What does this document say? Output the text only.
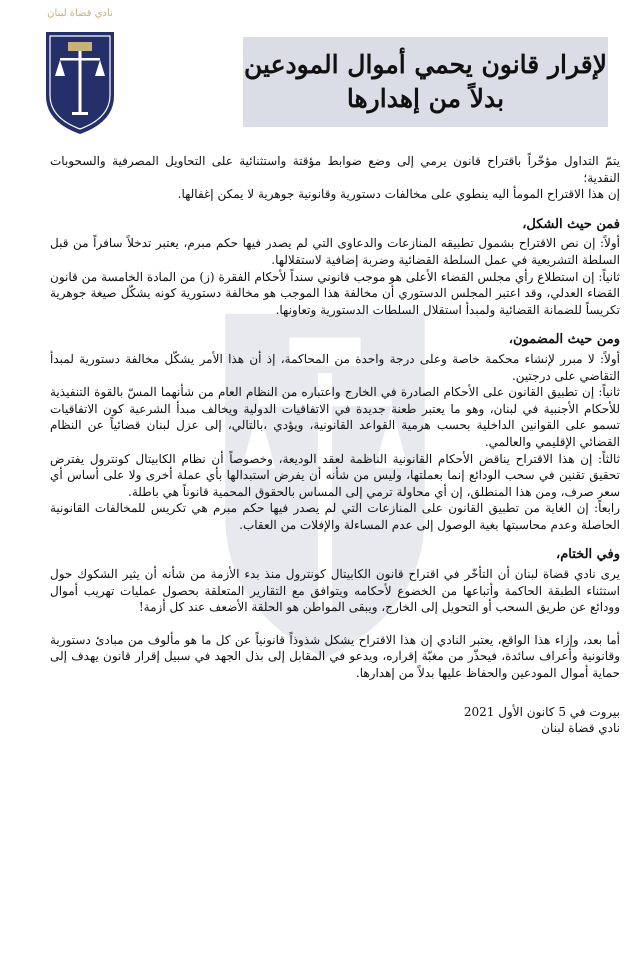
نادي قضاة لبنان
لإقرار قانون يحمي أموال المودعين
بدلاً من إهدارها

يتمّ التداول مؤخّراً باقتراح قانون يرمي إلى وضع ضوابط مؤقتة واستثنائية على التحاويل المصرفية والسحوبات النقدية؛

إن هذا الاقتراح المومأ اليه ينطوي على مخالفات دستورية وقانونية جوهرية لا يمكن إغفالها.

فمن حيث الشكل،

أولاً: إن نص الاقتراح بشمول تطبيقه المنازعات والدعاوى التي لم يصدر فيها حكم مبرم، يعتبر تدخلاً سافراً من قبل السلطة التشريعية في عمل السلطة القضائية وضربة إضافية لاستقلالها.

ثانياً: إن استطلاع رأي مجلس القضاء الأعلى هو موجب قانوني سنداً لأحكام الفقرة (ز) من المادة الخامسة من قانون القضاء العدلي، وقد اعتبر المجلس الدستوري أن مخالفة هذا الموجب هو مخالفة دستورية كونه يشكّل صيغة جوهرية تكريساً للضمانة القضائية ولمبدأ استقلال السلطات الدستورية وتعاونها.

ومن حيث المضمون،

أولاً: لا مبرر لإنشاء محكمة خاصة وعلى درجة واحدة من المحاكمة، إذ أن هذا الأمر يشكّل مخالفة دستورية لمبدأ التقاضي على درجتين.

ثانياً: إن تطبيق القانون على الأحكام الصادرة في الخارج واعتباره من النظام العام من شأنهما المسّ بالقوة التنفيذية للأحكام الأجنبية في لبنان، وهو ما يعتبر طعنة جديدة في الاتفاقيات الدولية ويخالف مبدأ الشرعية كون الاتفاقيات تسمو على القوانين الداخلية بحسب هرمية القواعد القانونية، ويؤدي ،بالتالي، إلى عزل لبنان قضائياً عن النظام القضائي الإقليمي والعالمي.

ثالثاً: إن هذا الاقتراح يناقض الأحكام القانونية الناظمة لعقد الوديعة، وخصوصاً أن نظام الكابيتال كونترول يفترض تحقيق تقنين في سحب الودائع إنما بعملتها، وليس من شأنه أن يفرض استبدالها بأي عملة أخرى ولا على أساس أي سعر صرف، ومن هذا المنطلق، إن أي محاولة ترمي إلى المساس بالحقوق المحمية قانوناً هي باطلة.

رابعاً: إن الغاية من تطبيق القانون على المنازعات التي لم يصدر فيها حكم مبرم هي تكريس للمخالفات القانونية الحاصلة وعدم محاسبتها بغية الوصول إلى عدم المساءلة والإفلات من العقاب.

وفي الختام،

يرى نادي قضاة لبنان أن التأخّر في اقتراح قانون الكابيتال كونترول منذ بدء الأزمة من شأنه أن يثير الشكوك حول استثناء الطبقة الحاكمة وأتباعها من الخضوع لأحكامه ويتوافق مع التقارير المتعلقة بحصول عمليات تهريب أموال وودائع عن طريق السحب أو التحويل إلى الخارج، ويبقى المواطن هو الحلقة الأضعف عند كل أزمة!

أما بعد، وإزاء هذا الواقع، يعتبر النادي إن هذا الاقتراح يشكل شذوذاً قانونياً عن كل ما هو مألوف من مبادئ دستورية وقانونية وأعراف سائدة، فيحذّر من مغبّة إقراره، ويدعو في المقابل إلى بذل الجهد في سبيل إقرار قانون يهدف إلى حماية أموال المودعين والحفاظ عليها بدلاً من إهدارها.

بيروت في 5 كانون الأول 2021

نادي قضاة لبنان
